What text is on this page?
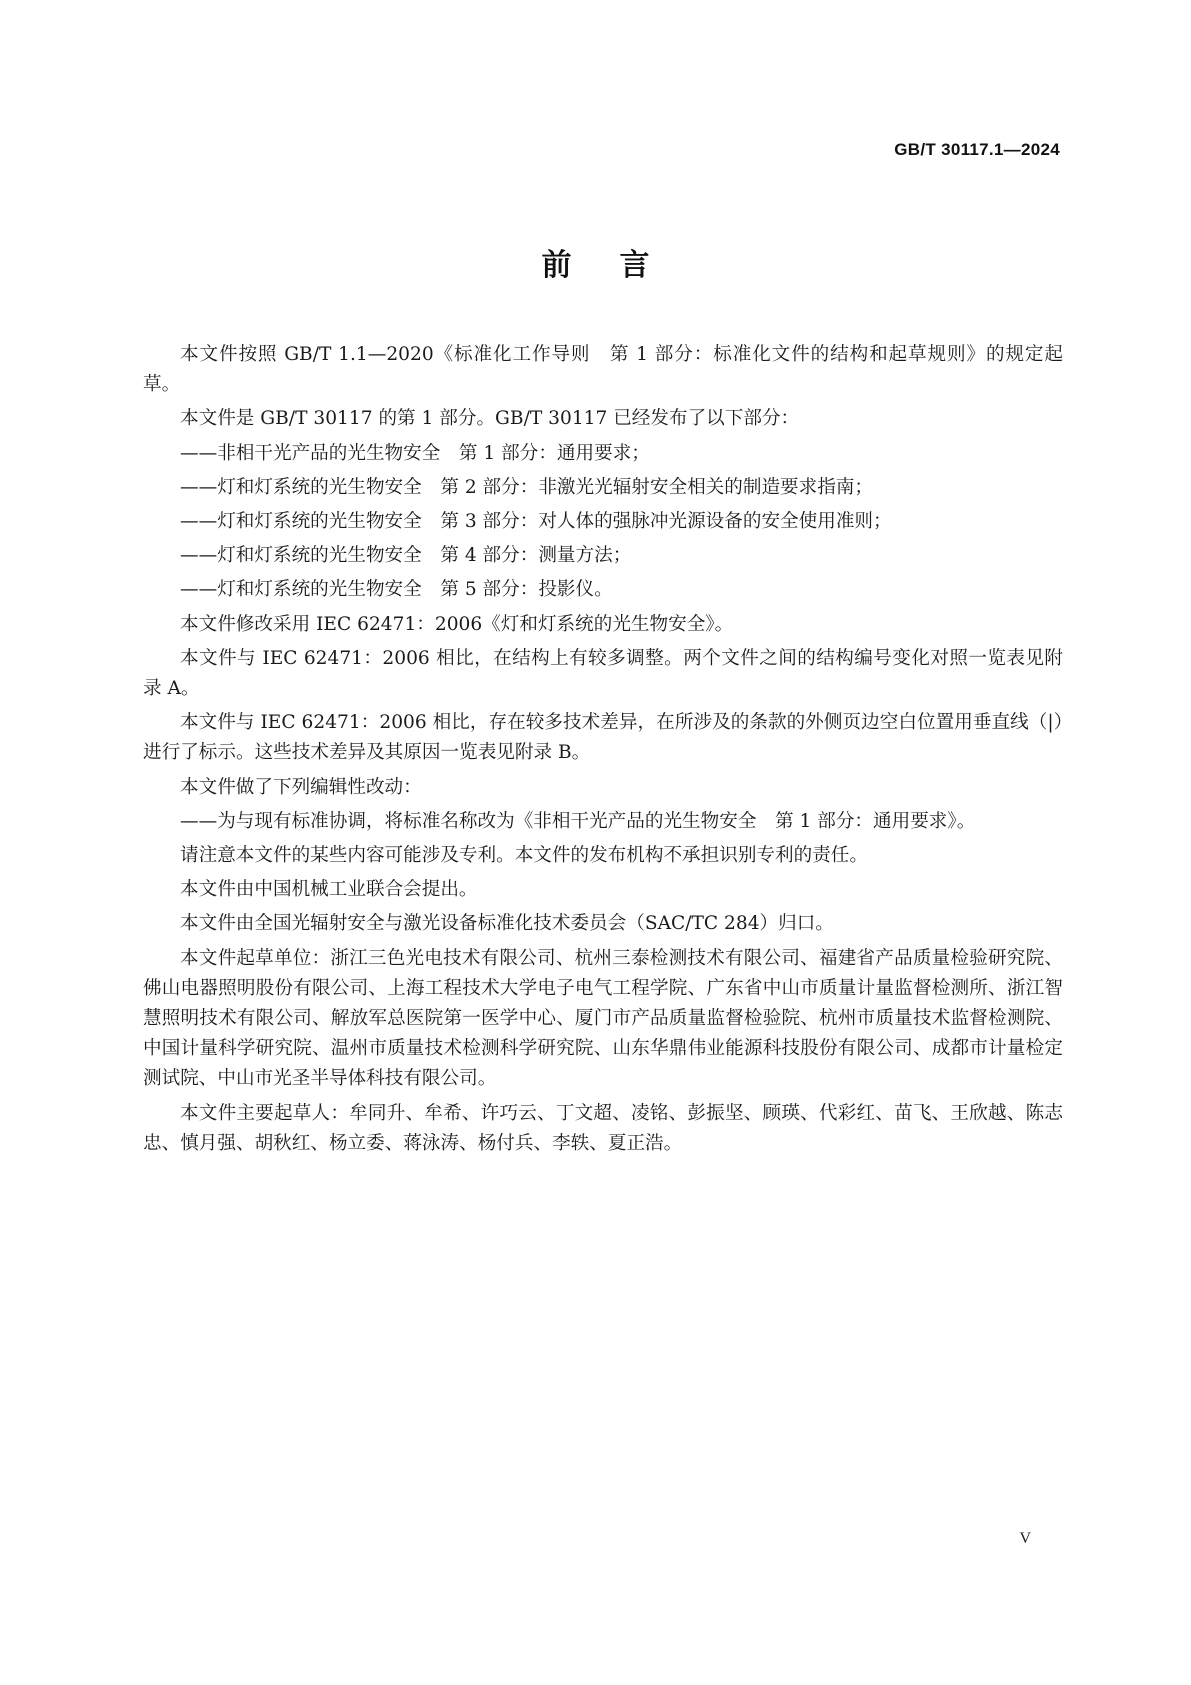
GB/T 30117.1—2024
前言

本文件按照 GB/T 1.1—2020《标准化工作导则　第 1 部分：标准化文件的结构和起草规则》的规定起草。

本文件是 GB/T 30117 的第 1 部分。GB/T 30117 已经发布了以下部分：

——非相干光产品的光生物安全　第 1 部分：通用要求；

——灯和灯系统的光生物安全　第 2 部分：非激光光辐射安全相关的制造要求指南；

——灯和灯系统的光生物安全　第 3 部分：对人体的强脉冲光源设备的安全使用准则；

——灯和灯系统的光生物安全　第 4 部分：测量方法；

——灯和灯系统的光生物安全　第 5 部分：投影仪。

本文件修改采用 IEC 62471：2006《灯和灯系统的光生物安全》。

本文件与 IEC 62471：2006 相比，在结构上有较多调整。两个文件之间的结构编号变化对照一览表见附录 A。

本文件与 IEC 62471：2006 相比，存在较多技术差异，在所涉及的条款的外侧页边空白位置用垂直线（|）进行了标示。这些技术差异及其原因一览表见附录 B。

本文件做了下列编辑性改动：

——为与现有标准协调，将标准名称改为《非相干光产品的光生物安全　第 1 部分：通用要求》。

请注意本文件的某些内容可能涉及专利。本文件的发布机构不承担识别专利的责任。

本文件由中国机械工业联合会提出。

本文件由全国光辐射安全与激光设备标准化技术委员会（SAC/TC 284）归口。

本文件起草单位：浙江三色光电技术有限公司、杭州三泰检测技术有限公司、福建省产品质量检验研究院、佛山电器照明股份有限公司、上海工程技术大学电子电气工程学院、广东省中山市质量计量监督检测所、浙江智慧照明技术有限公司、解放军总医院第一医学中心、厦门市产品质量监督检验院、杭州市质量技术监督检测院、中国计量科学研究院、温州市质量技术检测科学研究院、山东华鼎伟业能源科技股份有限公司、成都市计量检定测试院、中山市光圣半导体科技有限公司。

本文件主要起草人：牟同升、牟希、许巧云、丁文超、凌铭、彭振坚、顾瑛、代彩红、苗飞、王欣越、陈志忠、慎月强、胡秋红、杨立委、蒋泳涛、杨付兵、李轶、夏正浩。

V
